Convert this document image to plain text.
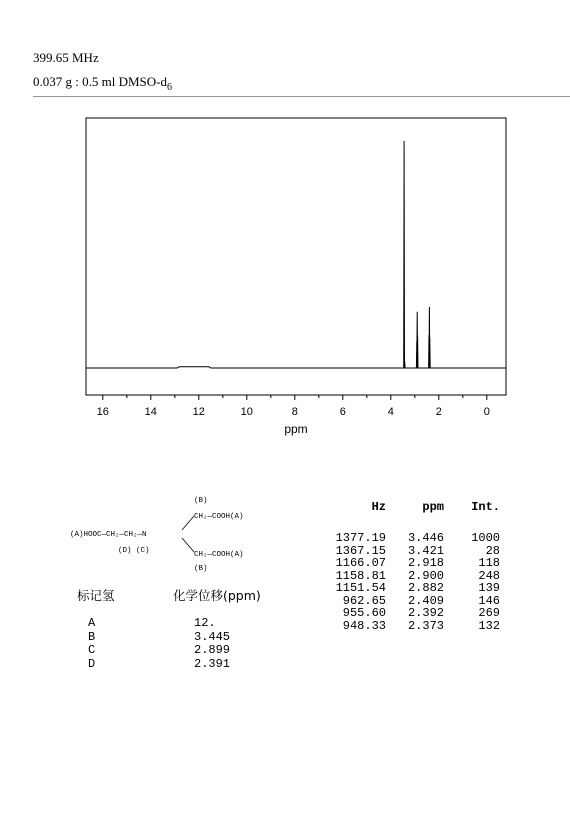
399.65 MHz
0.037 g : 0.5 ml DMSO-$d_6$
16	14	12	10	8	6	4	2	0
ppm
(B)
CH₂—COOH(A)
(A)HOOC—CH₂—CH₂—N
(D) (C)	CH₂—COOH(A)
(B)
Hz	ppm	Int.
1377.19	3.446	1000
1367.15	3.421	28
1166.07	2.918	118
1158.81	2.900	248
1151.54	2.882	139
962.65	2.409	146
955.60	2.392	269
948.33	2.373	132
标记氢	化学位移(ppm)
A	12.
B	3.445
C	2.899
D	2.391
